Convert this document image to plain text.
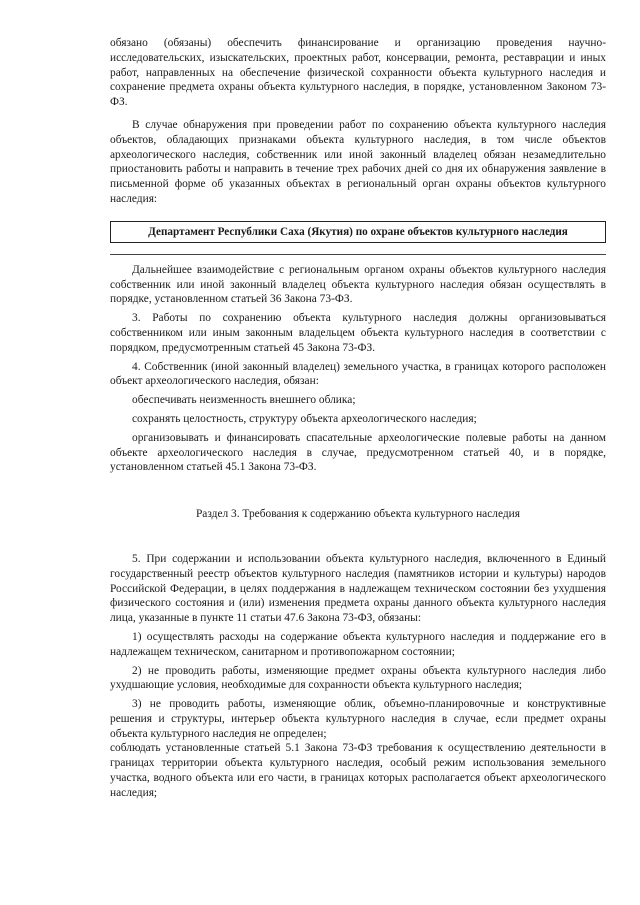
обязано (обязаны) обеспечить финансирование и организацию проведения научно-исследовательских, изыскательских, проектных работ, консервации, ремонта, реставрации и иных работ, направленных на обеспечение физической сохранности объекта культурного наследия и сохранение предмета охраны объекта культурного наследия, в порядке, установленном Законом 73-ФЗ.

В случае обнаружения при проведении работ по сохранению объекта культурного наследия объектов, обладающих признаками объекта культурного наследия, в том числе объектов археологического наследия, собственник или иной законный владелец обязан незамедлительно приостановить работы и направить в течение трех рабочих дней со дня их обнаружения заявление в письменной форме об указанных объектах в региональный орган охраны объектов культурного наследия:

Департамент Республики Саха (Якутия) по охране объектов культурного наследия

Дальнейшее взаимодействие с региональным органом охраны объектов культурного наследия собственник или иной законный владелец объекта культурного наследия обязан осуществлять в порядке, установленном статьей 36 Закона 73-ФЗ.

3. Работы по сохранению объекта культурного наследия должны организовываться собственником или иным законным владельцем объекта культурного наследия в соответствии с порядком, предусмотренным статьей 45 Закона 73-ФЗ.

4. Собственник (иной законный владелец) земельного участка, в границах которого расположен объект археологического наследия, обязан:

обеспечивать неизменность внешнего облика;

сохранять целостность, структуру объекта археологического наследия;

организовывать и финансировать спасательные археологические полевые работы на данном объекте археологического наследия в случае, предусмотренном статьей 40, и в порядке, установленном статьей 45.1 Закона 73-ФЗ.

Раздел 3. Требования к содержанию объекта культурного наследия

5. При содержании и использовании объекта культурного наследия, включенного в Единый государственный реестр объектов культурного наследия (памятников истории и культуры) народов Российской Федерации, в целях поддержания в надлежащем техническом состоянии без ухудшения физического состояния и (или) изменения предмета охраны данного объекта культурного наследия лица, указанные в пункте 11 статьи 47.6 Закона 73-ФЗ, обязаны:

1) осуществлять расходы на содержание объекта культурного наследия и поддержание его в надлежащем техническом, санитарном и противопожарном состоянии;

2) не проводить работы, изменяющие предмет охраны объекта культурного наследия либо ухудшающие условия, необходимые для сохранности объекта культурного наследия;

3) не проводить работы, изменяющие облик, объемно-планировочные и конструктивные решения и структуры, интерьер объекта культурного наследия в случае, если предмет охраны объекта культурного наследия не определен;

соблюдать установленные статьей 5.1 Закона 73-ФЗ требования к осуществлению деятельности в границах территории объекта культурного наследия, особый режим использования земельного участка, водного объекта или его части, в границах которых располагается объект археологического наследия;
